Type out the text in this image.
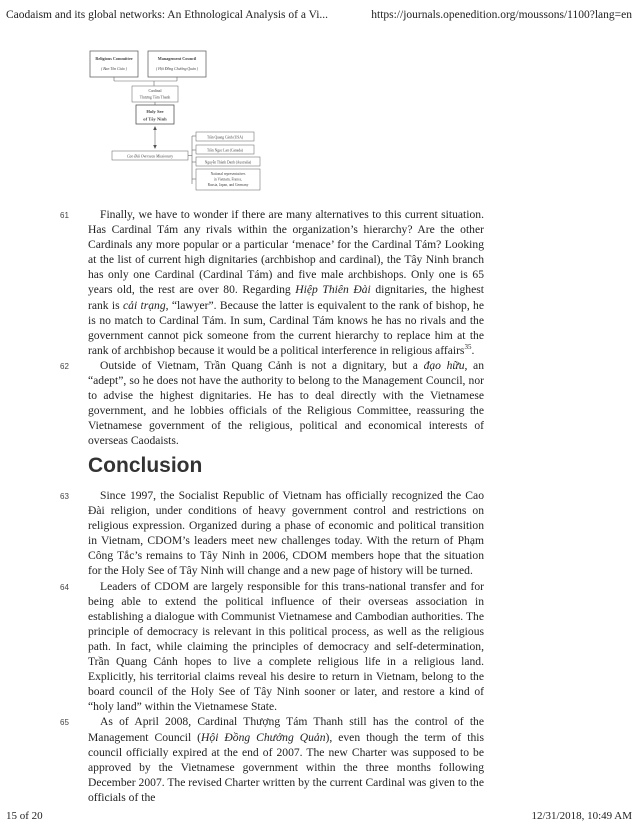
Caodaism and its global networks: An Ethnological Analysis of a Vi...	https://journals.openedition.org/moussons/1100?lang=en
Religious Committee
( Ban Tôn Giáo )
Management Council
( Hội Đồng Chưởng Quản )
Cardinal
Thượng Tâm Thanh
Holy See
of Tây Ninh
Cao Đài Overseas Missionary
Trần Quang Cảnh (USA)
Trần Ngọc Lan (Canada)
Nguyễn Thành Danh (Australia)
National representatives
in Vietnam, France,
Russia, Japan, and Germany

61	Finally, we have to wonder if there are many alternatives to this current situation. Has Cardinal Tám any rivals within the organization’s hierarchy? Are the other Cardinals any more popular or a particular ‘menace’ for the Cardinal Tám? Looking at the list of current high dignitaries (archbishop and cardinal), the Tây Ninh branch has only one Cardinal (Cardinal Tám) and five male archbishops. Only one is 65 years old, the rest are over 80. Regarding Hiệp Thiên Đài dignitaries, the highest rank is cải trạng, “lawyer”. Because the latter is equivalent to the rank of bishop, he is no match to Cardinal Tám. In sum, Cardinal Tám knows he has no rivals and the government cannot pick someone from the current hierarchy to replace him at the rank of archbishop because it would be a political interference in religious affairs$^{35}$.

62	Outside of Vietnam, Trần Quang Cảnh is not a dignitary, but a đạo hữu, an “adept”, so he does not have the authority to belong to the Management Council, nor to advise the highest dignitaries. He has to deal directly with the Vietnamese government, and he lobbies officials of the Religious Committee, reassuring the Vietnamese government of the religious, political and economical interests of overseas Caodaists.

Conclusion

63	Since 1997, the Socialist Republic of Vietnam has officially recognized the Cao Đài religion, under conditions of heavy government control and restrictions on religious expression. Organized during a phase of economic and political transition in Vietnam, CDOM’s leaders meet new challenges today. With the return of Phạm Công Tắc’s remains to Tây Ninh in 2006, CDOM members hope that the situation for the Holy See of Tây Ninh will change and a new page of history will be turned.

64	Leaders of CDOM are largely responsible for this trans-national transfer and for being able to extend the political influence of their overseas association in establishing a dialogue with Communist Vietnamese and Cambodian authorities. The principle of democracy is relevant in this political process, as well as the religious path. In fact, while claiming the principles of democracy and self-determination, Trần Quang Cảnh hopes to live a complete religious life in a religious land. Explicitly, his territorial claims reveal his desire to return in Vietnam, belong to the board council of the Holy See of Tây Ninh sooner or later, and restore a kind of “holy land” within the Vietnamese State.

65	As of April 2008, Cardinal Thượng Tám Thanh still has the control of the Management Council (Hội Đồng Chưởng Quản), even though the term of this council officially expired at the end of 2007. The new Charter was supposed to be approved by the Vietnamese government within the three months following December 2007. The revised Charter written by the current Cardinal was given to the officials of the

15 of 20	12/31/2018, 10:49 AM
